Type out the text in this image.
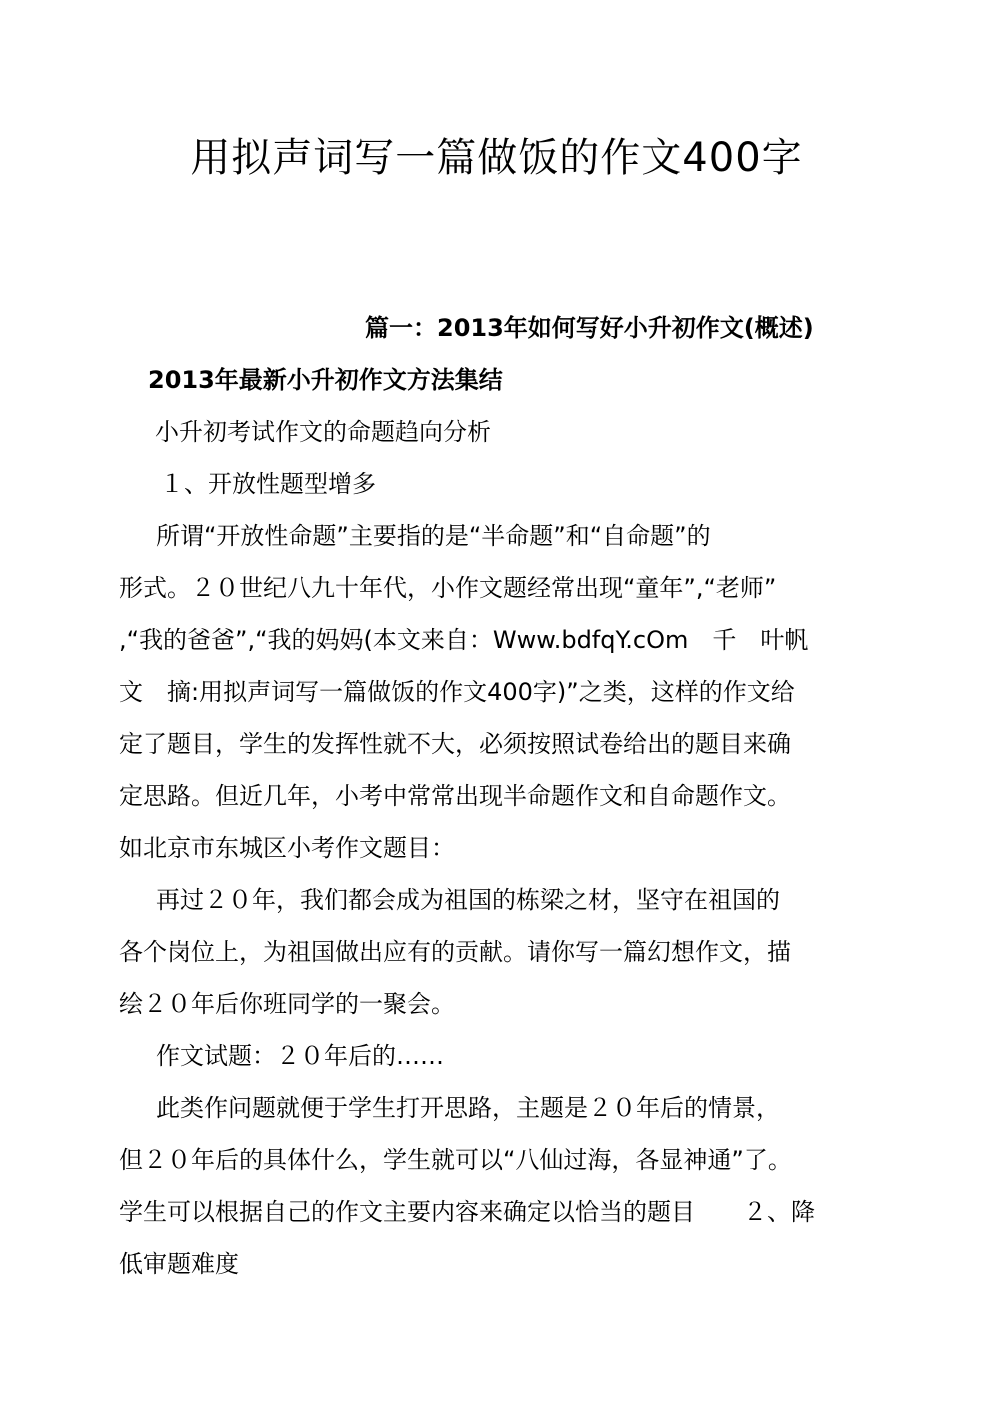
用拟声词写一篇做饭的作文400字
篇一：2013年如何写好小升初作文(概述)
2013年最新小升初作文方法集结
小升初考试作文的命题趋向分析
１、开放性题型增多
所谓“开放性命题”主要指的是“半命题”和“自命题”的
形式。２０世纪八九十年代，小作文题经常出现“童年”,“老师”
,“我的爸爸”,“我的妈妈(本文来自：Www.bdfqY.cOm　千　叶帆
文　摘:用拟声词写一篇做饭的作文400字)”之类，这样的作文给
定了题目，学生的发挥性就不大，必须按照试卷给出的题目来确
定思路。但近几年，小考中常常出现半命题作文和自命题作文。
如北京市东城区小考作文题目：
再过２０年，我们都会成为祖国的栋梁之材，坚守在祖国的
各个岗位上，为祖国做出应有的贡献。请你写一篇幻想作文，描
绘２０年后你班同学的一聚会。
作文试题：２０年后的……
此类作问题就便于学生打开思路，主题是２０年后的情景，
但２０年后的具体什么，学生就可以“八仙过海，各显神通”了。
学生可以根据自己的作文主要内容来确定以恰当的题目　　２、降
低审题难度
